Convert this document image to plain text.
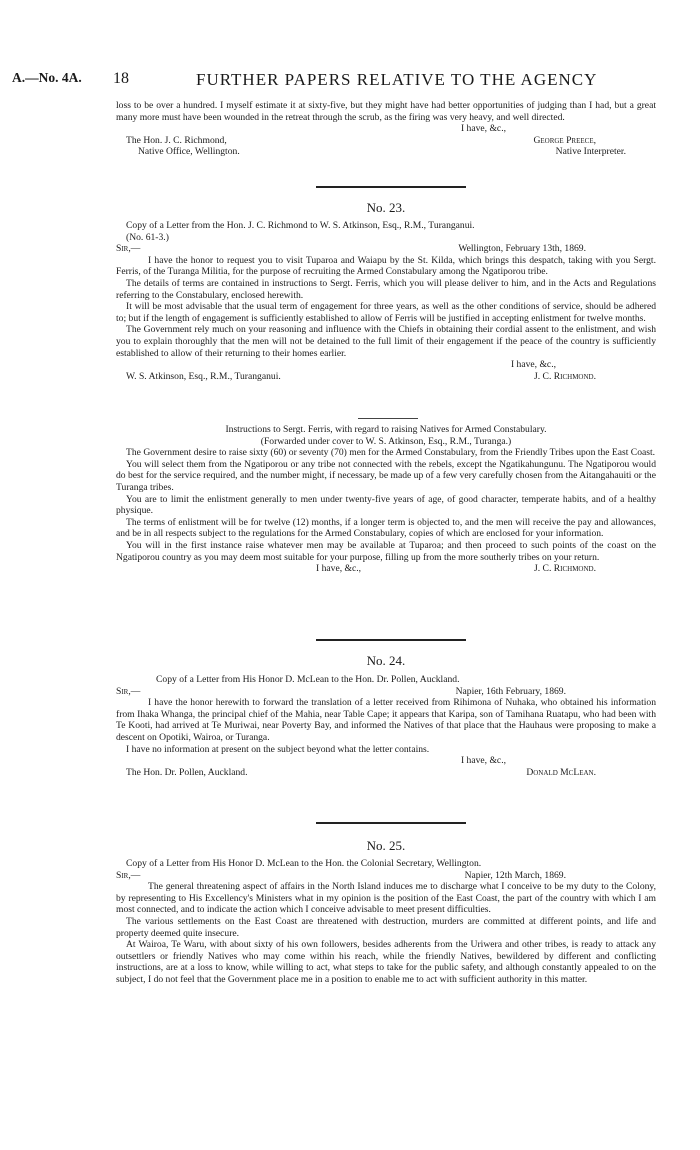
A.—No. 4A. 18	FURTHER PAPERS RELATIVE TO THE AGENCY

loss to be over a hundred. I myself estimate it at sixty-five, but they might have had better opportunities of judging than I had, but a great many more must have been wounded in the retreat through the scrub, as the firing was very heavy, and well directed.

I have, &c.,
The Hon. J. C. Richmond,	George Preece,
Native Office, Wellington.	Native Interpreter.
No. 23.

Copy of a Letter from the Hon. J. C. Richmond to W. S. Atkinson, Esq., R.M., Turanganui.

(No. 61-3.)
Sir,—	Wellington, February 13th, 1869.

I have the honor to request you to visit Tuparoa and Waiapu by the St. Kilda, which brings this despatch, taking with you Sergt. Ferris, of the Turanga Militia, for the purpose of recruiting the Armed Constabulary among the Ngatiporou tribe.

The details of terms are contained in instructions to Sergt. Ferris, which you will please deliver to him, and in the Acts and Regulations referring to the Constabulary, enclosed herewith.

It will be most advisable that the usual term of engagement for three years, as well as the other conditions of service, should be adhered to; but if the length of engagement is sufficiently established to allow of Ferris will be justified in accepting enlistment for twelve months.

The Government rely much on your reasoning and influence with the Chiefs in obtaining their cordial assent to the enlistment, and wish you to explain thoroughly that the men will not be detained to the full limit of their engagement if the peace of the country is sufficiently established to allow of their returning to their homes earlier.

I have, &c.,
W. S. Atkinson, Esq., R.M., Turanganui.	J. C. Richmond.
Instructions to Sergt. Ferris, with regard to raising Natives for Armed Constabulary.
(Forwarded under cover to W. S. Atkinson, Esq., R.M., Turanga.)

The Government desire to raise sixty (60) or seventy (70) men for the Armed Constabulary, from the Friendly Tribes upon the East Coast.

You will select them from the Ngatiporou or any tribe not connected with the rebels, except the Ngatikahungunu. The Ngatiporou would do best for the service required, and the number might, if necessary, be made up of a few very carefully chosen from the Aitangahauiti or the Turanga tribes.

You are to limit the enlistment generally to men under twenty-five years of age, of good character, temperate habits, and of a healthy physique.

The terms of enlistment will be for twelve (12) months, if a longer term is objected to, and the men will receive the pay and allowances, and be in all respects subject to the regulations for the Armed Constabulary, copies of which are enclosed for your information.

You will in the first instance raise whatever men may be available at Tuparoa; and then proceed to such points of the coast on the Ngatiporou country as you may deem most suitable for your purpose, filling up from the more southerly tribes on your return.

I have, &c.,	J. C. Richmond.
No. 24.

Copy of a Letter from His Honor D. McLean to the Hon. Dr. Pollen, Auckland.

Sir,—	Napier, 16th February, 1869.

I have the honor herewith to forward the translation of a letter received from Rihimona of Nuhaka, who obtained his information from Ihaka Whanga, the principal chief of the Mahia, near Table Cape; it appears that Karipa, son of Tamihana Ruatapu, who had been with Te Kooti, had arrived at Te Muriwai, near Poverty Bay, and informed the Natives of that place that the Hauhaus were proposing to make a descent on Opotiki, Wairoa, or Turanga.

I have no information at present on the subject beyond what the letter contains.

I have, &c.,
The Hon. Dr. Pollen, Auckland.	Donald McLean.
No. 25.

Copy of a Letter from His Honor D. McLean to the Hon. the Colonial Secretary, Wellington.

Sir,—	Napier, 12th March, 1869.

The general threatening aspect of affairs in the North Island induces me to discharge what I conceive to be my duty to the Colony, by representing to His Excellency's Ministers what in my opinion is the position of the East Coast, the part of the country with which I am most connected, and to indicate the action which I conceive advisable to meet present difficulties.

The various settlements on the East Coast are threatened with destruction, murders are committed at different points, and life and property deemed quite insecure.

At Wairoa, Te Waru, with about sixty of his own followers, besides adherents from the Uriwera and other tribes, is ready to attack any outsettlers or friendly Natives who may come within his reach, while the friendly Natives, bewildered by different and conflicting instructions, are at a loss to know, while willing to act, what steps to take for the public safety, and although constantly appealed to on the subject, I do not feel that the Government place me in a position to enable me to act with sufficient authority in this matter.
